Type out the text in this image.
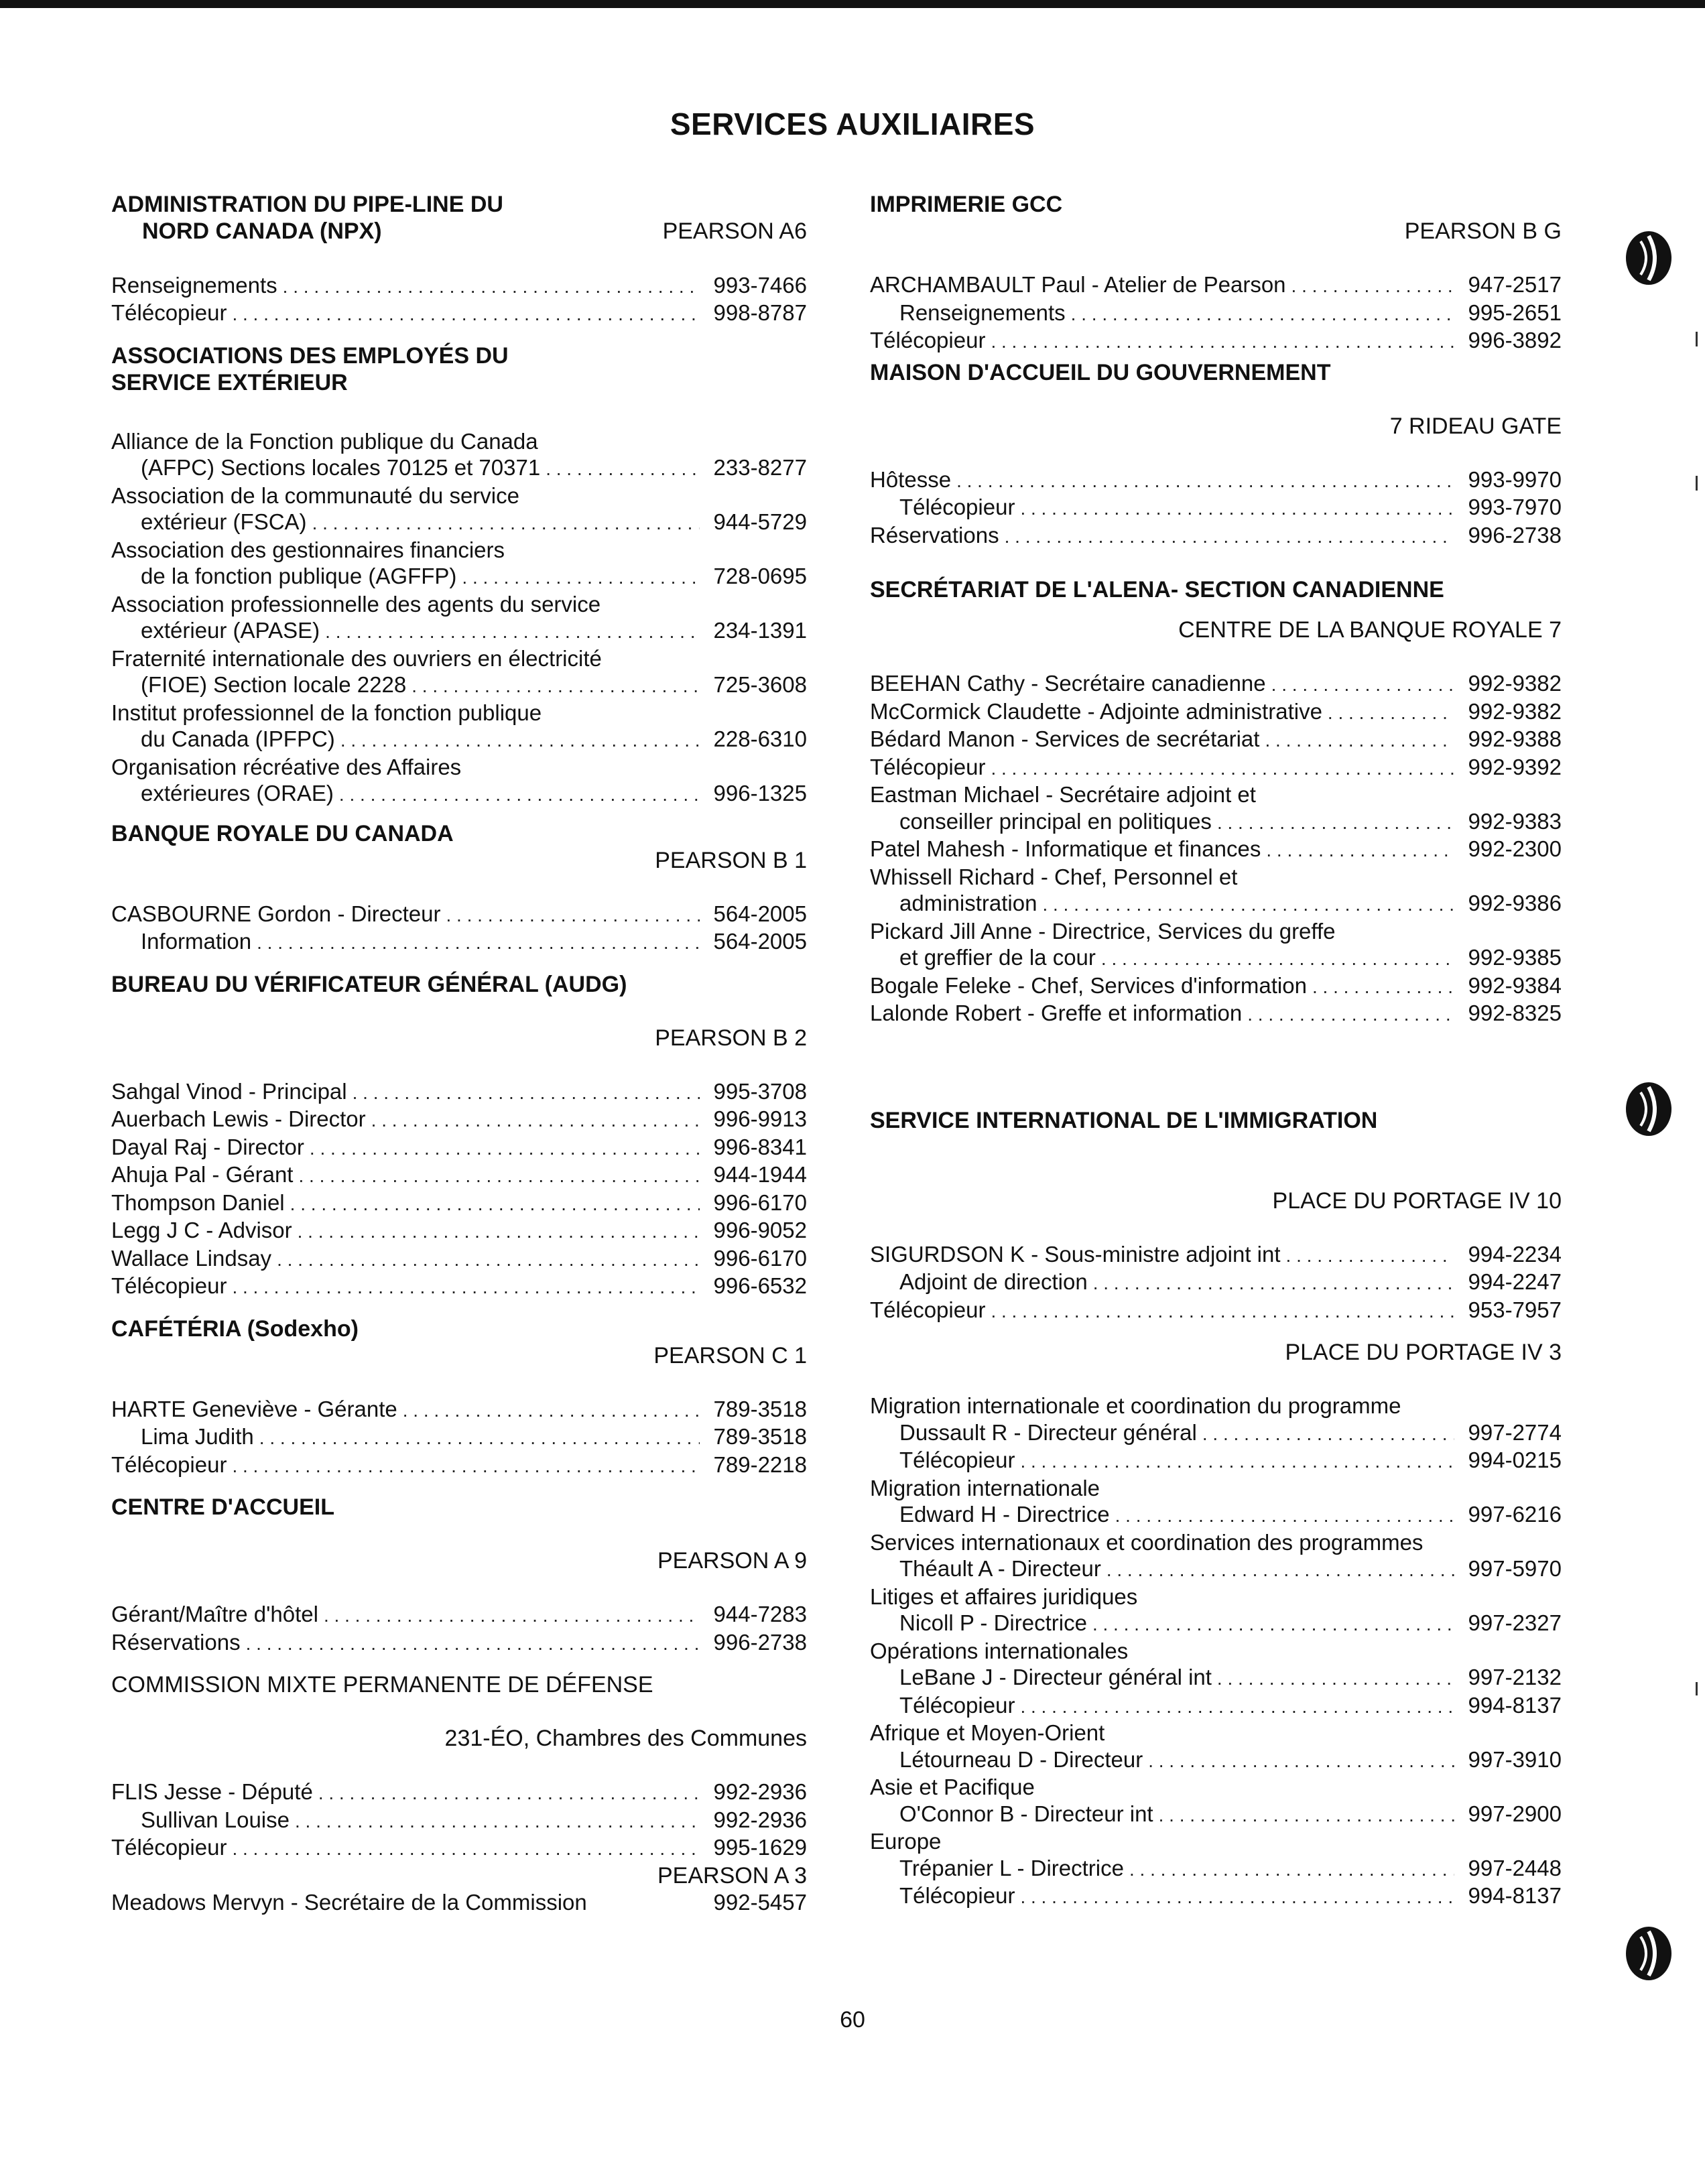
SERVICES AUXILIAIRES
ADMINISTRATION DU PIPE-LINE DU
NORD CANADA (NPX)	PEARSON A6
Renseignements . . .	993-7466
Télécopieur . . .	998-8787
ASSOCIATIONS DES EMPLOYÉS DU
SERVICE EXTÉRIEUR
Alliance de la Fonction publique du Canada
(AFPC) Sections locales 70125 et 70371 . . .	233-8277
Association de la communauté du service
extérieur (FSCA) . . .	944-5729
Association des gestionnaires financiers
de la fonction publique (AGFFP) . . .	728-0695
Association professionnelle des agents du service
extérieur (APASE) . . .	234-1391
Fraternité internationale des ouvriers en électricité
(FIOE) Section locale 2228 . . .	725-3608
Institut professionnel de la fonction publique
du Canada (IPFPC) . . .	228-6310
Organisation récréative des Affaires
extérieures (ORAE) . . .	996-1325
BANQUE ROYALE DU CANADA
PEARSON B 1
CASBOURNE Gordon - Directeur . . .	564-2005
Information . . .	564-2005
BUREAU DU VÉRIFICATEUR GÉNÉRAL (AUDG)
PEARSON B 2
Sahgal Vinod - Principal . . .	995-3708
Auerbach Lewis - Director . . .	996-9913
Dayal Raj - Director . . .	996-8341
Ahuja Pal - Gérant . . .	944-1944
Thompson Daniel . . .	996-6170
Legg J C - Advisor . . .	996-9052
Wallace Lindsay . . .	996-6170
Télécopieur . . .	996-6532
CAFÉTÉRIA (Sodexho)
PEARSON C 1
HARTE Geneviève - Gérante . . .	789-3518
Lima Judith . . .	789-3518
Télécopieur . . .	789-2218
CENTRE D'ACCUEIL
PEARSON A 9
Gérant/Maître d'hôtel . . .	944-7283
Réservations . . .	996-2738
COMMISSION MIXTE PERMANENTE DE DÉFENSE
231-ÉO, Chambres des Communes
FLIS Jesse - Député . . .	992-2936
Sullivan Louise . . .	992-2936
Télécopieur . . .	995-1629
PEARSON A 3
Meadows Mervyn - Secrétaire de la Commission	992-5457
IMPRIMERIE GCC
PEARSON B G
ARCHAMBAULT Paul - Atelier de Pearson . . .	947-2517
Renseignements . . .	995-2651
Télécopieur . . .	996-3892
MAISON D'ACCUEIL DU GOUVERNEMENT
7 RIDEAU GATE
Hôtesse . . .	993-9970
Télécopieur . . .	993-7970
Réservations . . .	996-2738
SECRÉTARIAT DE L'ALENA- SECTION CANADIENNE
CENTRE DE LA BANQUE ROYALE 7
BEEHAN Cathy - Secrétaire canadienne . . .	992-9382
McCormick Claudette - Adjointe administrative . . .	992-9382
Bédard Manon - Services de secrétariat . . .	992-9388
Télécopieur . . .	992-9392
Eastman Michael - Secrétaire adjoint et
conseiller principal en politiques . . .	992-9383
Patel Mahesh - Informatique et finances . . .	992-2300
Whissell Richard - Chef, Personnel et
administration . . .	992-9386
Pickard Jill Anne - Directrice, Services du greffe
et greffier de la cour . . .	992-9385
Bogale Feleke - Chef, Services d'information . . .	992-9384
Lalonde Robert - Greffe et information . . .	992-8325
SERVICE INTERNATIONAL DE L'IMMIGRATION
PLACE DU PORTAGE IV 10
SIGURDSON K - Sous-ministre adjoint int . . .	994-2234
Adjoint de direction . . .	994-2247
Télécopieur . . .	953-7957
PLACE DU PORTAGE IV 3
Migration internationale et coordination du programme
Dussault R - Directeur général . . .	997-2774
Télécopieur . . .	994-0215
Migration internationale
Edward H - Directrice . . .	997-6216
Services internationaux et coordination des programmes
Théault A - Directeur . . .	997-5970
Litiges et affaires juridiques
Nicoll P - Directrice . . .	997-2327
Opérations internationales
LeBane J - Directeur général int . . .	997-2132
Télécopieur . . .	994-8137
Afrique et Moyen-Orient
Létourneau D - Directeur . . .	997-3910
Asie et Pacifique
O'Connor B - Directeur int . . .	997-2900
Europe
Trépanier L - Directrice . . .	997-2448
Télécopieur . . .	994-8137
60
